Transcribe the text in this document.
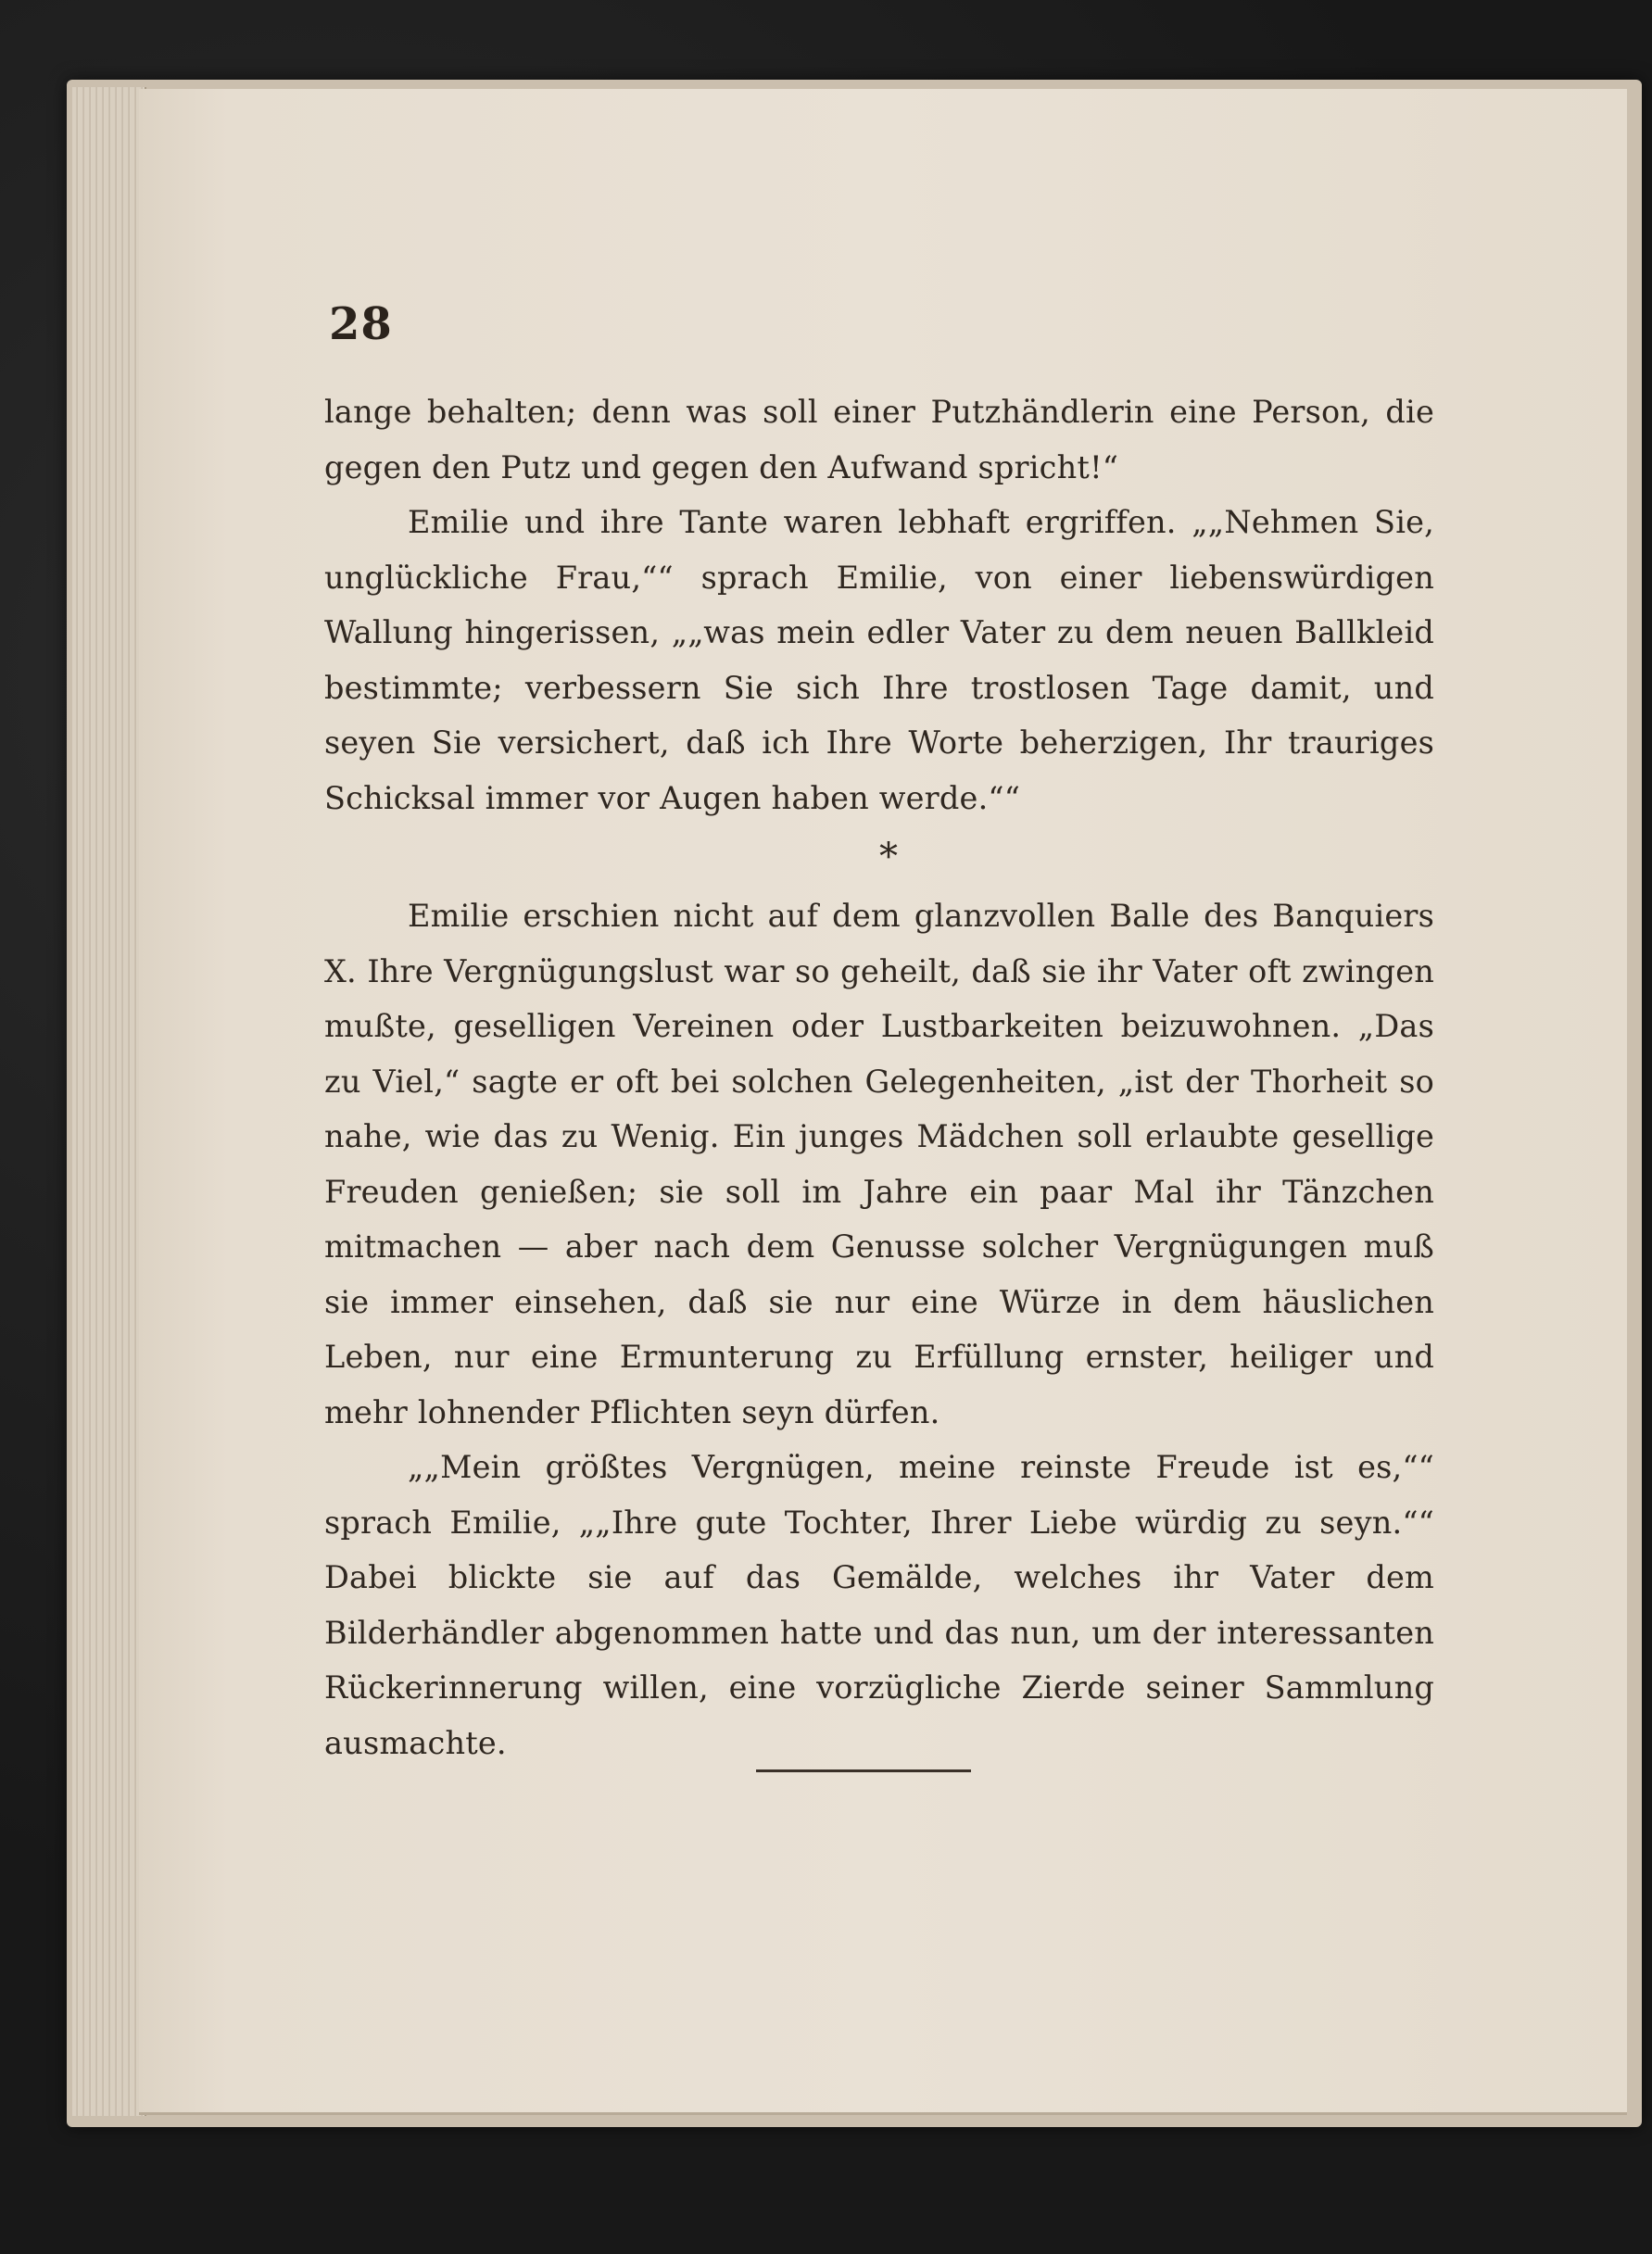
28

lange behalten; denn was soll einer Putzhändlerin eine Person, die gegen den Putz und gegen den Aufwand spricht!“

Emilie und ihre Tante waren lebhaft ergriffen. „„Nehmen Sie, unglückliche Frau,““ sprach Emilie, von einer liebenswürdigen Wallung hingerissen, „„was mein edler Vater zu dem neuen Ballkleid bestimmte; verbessern Sie sich Ihre trostlosen Tage damit, und seyen Sie versichert, daß ich Ihre Worte beherzigen, Ihr trauriges Schicksal immer vor Augen haben werde.““

*

Emilie erschien nicht auf dem glanzvollen Balle des Banquiers X. Ihre Vergnügungslust war so geheilt, daß sie ihr Vater oft zwingen mußte, geselligen Vereinen oder Lustbarkeiten beizuwohnen. „Das zu Viel,“ sagte er oft bei solchen Gelegenheiten, „ist der Thorheit so nahe, wie das zu Wenig. Ein junges Mädchen soll erlaubte gesellige Freuden genießen; sie soll im Jahre ein paar Mal ihr Tänzchen mitmachen — aber nach dem Genusse solcher Vergnügungen muß sie immer einsehen, daß sie nur eine Würze in dem häuslichen Leben, nur eine Ermunterung zu Erfüllung ernster, heiliger und mehr lohnender Pflichten seyn dürfen.

„„Mein größtes Vergnügen, meine reinste Freude ist es,““ sprach Emilie, „„Ihre gute Tochter, Ihrer Liebe würdig zu seyn.““ Dabei blickte sie auf das Gemälde, welches ihr Vater dem Bilderhändler abgenommen hatte und das nun, um der interessanten Rückerinnerung willen, eine vorzügliche Zierde seiner Sammlung ausmachte.
